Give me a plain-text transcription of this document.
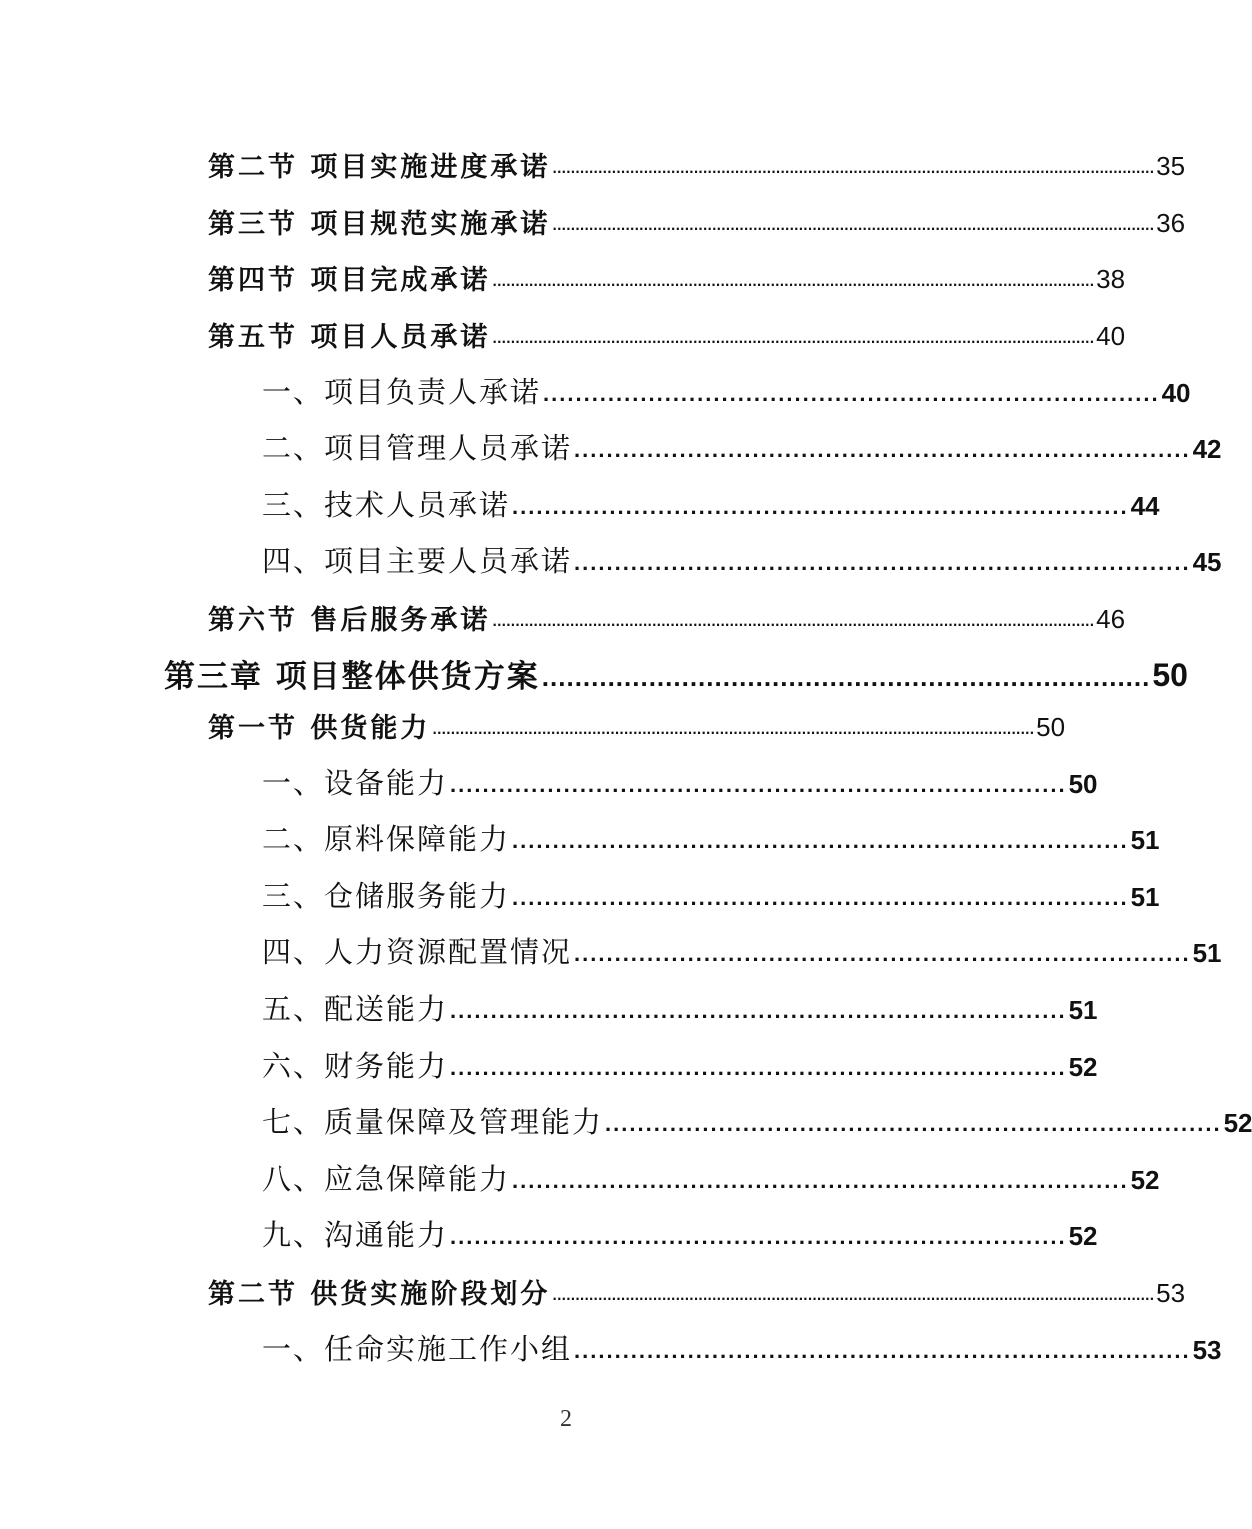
第二节 项目实施进度承诺 .................................................................................................................................... 35
第三节 项目规范实施承诺 .................................................................................................................................... 36
第四节 项目完成承诺 .................................................................................................................................... 38
第五节 项目人员承诺 .................................................................................................................................... 40
一、项目负责人承诺 ............................................................................ 40
二、项目管理人员承诺 ............................................................................ 42
三、技术人员承诺 ............................................................................ 44
四、项目主要人员承诺 ............................................................................ 45
第六节 售后服务承诺 .................................................................................................................................... 46
第三章 项目整体供货方案 .......................................................................... 50
第一节 供货能力 .................................................................................................................................... 50
一、设备能力 ............................................................................ 50
二、原料保障能力 ............................................................................ 51
三、仓储服务能力 ............................................................................ 51
四、人力资源配置情况 ............................................................................ 51
五、配送能力 ............................................................................ 51
六、财务能力 ............................................................................ 52
七、质量保障及管理能力 ............................................................................ 52
八、应急保障能力 ............................................................................ 52
九、沟通能力 ............................................................................ 52
第二节 供货实施阶段划分 .................................................................................................................................... 53
一、任命实施工作小组 ............................................................................ 53
2
